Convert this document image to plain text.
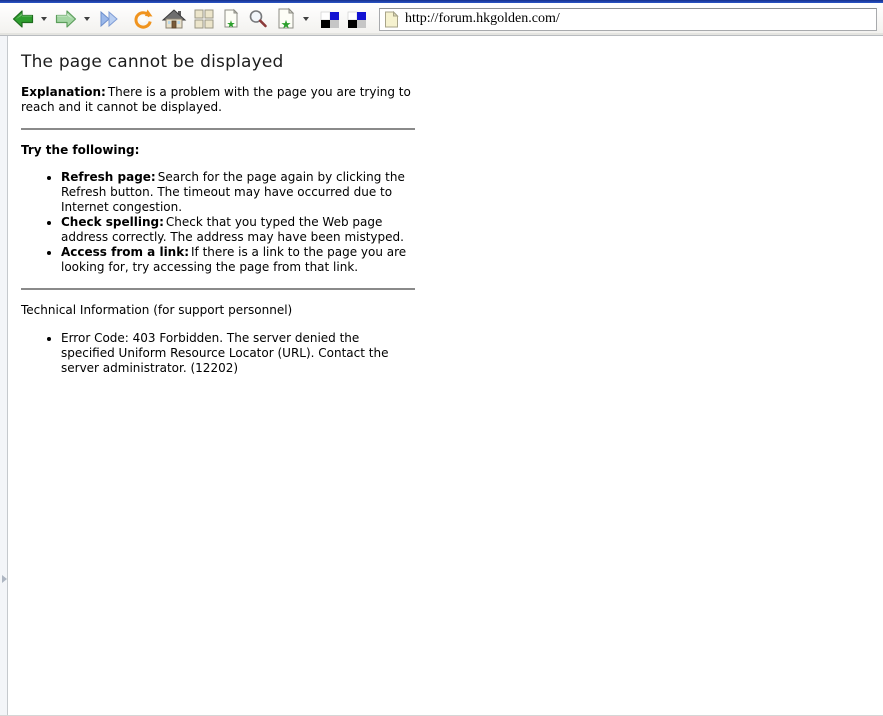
★	★
http://forum.hkgolden.com/
The page cannot be displayed

Explanation: There is a problem with the page you are trying to reach and it cannot be displayed.

Try the following:
• Refresh page: Search for the page again by clicking the Refresh button. The timeout may have occurred due to Internet congestion.
• Check spelling: Check that you typed the Web page address correctly. The address may have been mistyped.
• Access from a link: If there is a link to the page you are looking for, try accessing the page from that link.

Technical Information (for support personnel)

• Error Code: 403 Forbidden. The server denied the specified Uniform Resource Locator (URL). Contact the server administrator. (12202)
